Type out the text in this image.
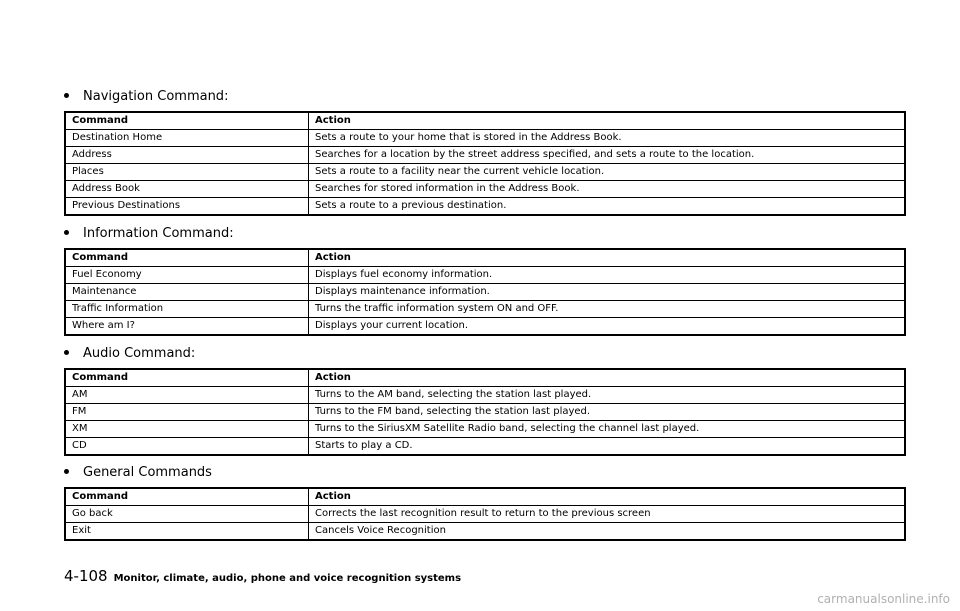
Navigation Command:
Command	Action
Destination Home	Sets a route to your home that is stored in the Address Book.
Address	Searches for a location by the street address specified, and sets a route to the location.
Places	Sets a route to a facility near the current vehicle location.
Address Book	Searches for stored information in the Address Book.
Previous Destinations	Sets a route to a previous destination.
Information Command:
Command	Action
Fuel Economy	Displays fuel economy information.
Maintenance	Displays maintenance information.
Traffic Information	Turns the traffic information system ON and OFF.
Where am I?	Displays your current location.
Audio Command:
Command	Action
AM	Turns to the AM band, selecting the station last played.
FM	Turns to the FM band, selecting the station last played.
XM	Turns to the SiriusXM Satellite Radio band, selecting the channel last played.
CD	Starts to play a CD.
General Commands
Command	Action
Go back	Corrects the last recognition result to return to the previous screen
Exit	Cancels Voice Recognition
4-108 Monitor, climate, audio, phone and voice recognition systems
carmanualsonline.info
